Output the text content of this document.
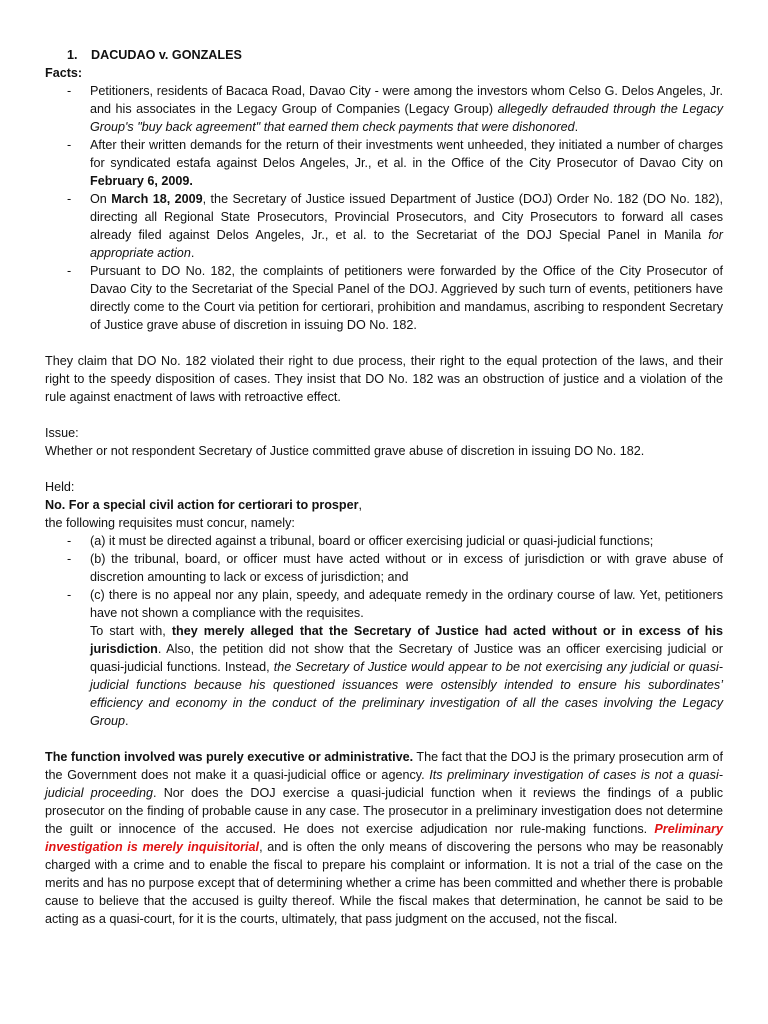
1. DACUDAO v. GONZALES

Facts:

- Petitioners, residents of Bacaca Road, Davao City - were among the investors whom Celso G. Delos Angeles, Jr. and his associates in the Legacy Group of Companies (Legacy Group) allegedly defrauded through the Legacy Group's "buy back agreement" that earned them check payments that were dishonored.
- After their written demands for the return of their investments went unheeded, they initiated a number of charges for syndicated estafa against Delos Angeles, Jr., et al. in the Office of the City Prosecutor of Davao City on February 6, 2009.
- On March 18, 2009, the Secretary of Justice issued Department of Justice (DOJ) Order No. 182 (DO No. 182), directing all Regional State Prosecutors, Provincial Prosecutors, and City Prosecutors to forward all cases already filed against Delos Angeles, Jr., et al. to the Secretariat of the DOJ Special Panel in Manila for appropriate action.
- Pursuant to DO No. 182, the complaints of petitioners were forwarded by the Office of the City Prosecutor of Davao City to the Secretariat of the Special Panel of the DOJ. Aggrieved by such turn of events, petitioners have directly come to the Court via petition for certiorari, prohibition and mandamus, ascribing to respondent Secretary of Justice grave abuse of discretion in issuing DO No. 182.

They claim that DO No. 182 violated their right to due process, their right to the equal protection of the laws, and their right to the speedy disposition of cases. They insist that DO No. 182 was an obstruction of justice and a violation of the rule against enactment of laws with retroactive effect.

Issue:

Whether or not respondent Secretary of Justice committed grave abuse of discretion in issuing DO No. 182.

Held:

No. For a special civil action for certiorari to prosper,

the following requisites must concur, namely:

- (a) it must be directed against a tribunal, board or officer exercising judicial or quasi-judicial functions;
- (b) the tribunal, board, or officer must have acted without or in excess of jurisdiction or with grave abuse of discretion amounting to lack or excess of jurisdiction; and
- (c) there is no appeal nor any plain, speedy, and adequate remedy in the ordinary course of law. Yet, petitioners have not shown a compliance with the requisites.

To start with, they merely alleged that the Secretary of Justice had acted without or in excess of his jurisdiction. Also, the petition did not show that the Secretary of Justice was an officer exercising judicial or quasi-judicial functions. Instead, the Secretary of Justice would appear to be not exercising any judicial or quasi-judicial functions because his questioned issuances were ostensibly intended to ensure his subordinates’ efficiency and economy in the conduct of the preliminary investigation of all the cases involving the Legacy Group.

The function involved was purely executive or administrative. The fact that the DOJ is the primary prosecution arm of the Government does not make it a quasi-judicial office or agency. Its preliminary investigation of cases is not a quasi-judicial proceeding. Nor does the DOJ exercise a quasi-judicial function when it reviews the findings of a public prosecutor on the finding of probable cause in any case. The prosecutor in a preliminary investigation does not determine the guilt or innocence of the accused. He does not exercise adjudication nor rule-making functions. Preliminary investigation is merely inquisitorial, and is often the only means of discovering the persons who may be reasonably charged with a crime and to enable the fiscal to prepare his complaint or information. It is not a trial of the case on the merits and has no purpose except that of determining whether a crime has been committed and whether there is probable cause to believe that the accused is guilty thereof. While the fiscal makes that determination, he cannot be said to be acting as a quasi-court, for it is the courts, ultimately, that pass judgment on the accused, not the fiscal.
